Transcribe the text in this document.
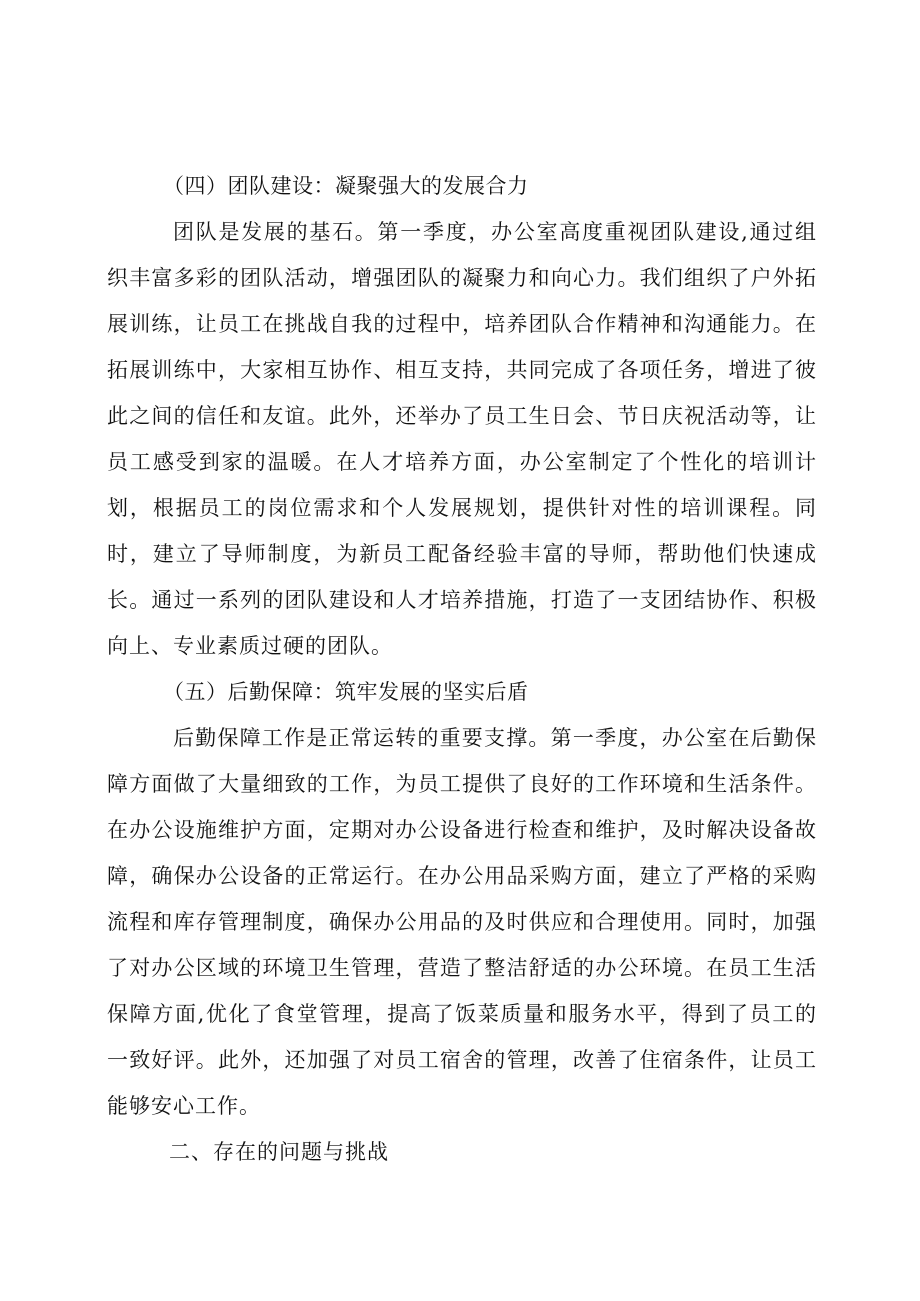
（四）团队建设：凝聚强大的发展合力

团队是发展的基石。第一季度，办公室高度重视团队建设,通过组织丰富多彩的团队活动，增强团队的凝聚力和向心力。我们组织了户外拓展训练，让员工在挑战自我的过程中，培养团队合作精神和沟通能力。在拓展训练中，大家相互协作、相互支持，共同完成了各项任务，增进了彼此之间的信任和友谊。此外，还举办了员工生日会、节日庆祝活动等，让员工感受到家的温暖。在人才培养方面，办公室制定了个性化的培训计划，根据员工的岗位需求和个人发展规划，提供针对性的培训课程。同时，建立了导师制度，为新员工配备经验丰富的导师，帮助他们快速成长。通过一系列的团队建设和人才培养措施，打造了一支团结协作、积极向上、专业素质过硬的团队。

（五）后勤保障：筑牢发展的坚实后盾

后勤保障工作是正常运转的重要支撑。第一季度，办公室在后勤保障方面做了大量细致的工作，为员工提供了良好的工作环境和生活条件。在办公设施维护方面，定期对办公设备进行检查和维护，及时解决设备故障，确保办公设备的正常运行。在办公用品采购方面，建立了严格的采购流程和库存管理制度，确保办公用品的及时供应和合理使用。同时，加强了对办公区域的环境卫生管理，营造了整洁舒适的办公环境。在员工生活保障方面,优化了食堂管理，提高了饭菜质量和服务水平，得到了员工的一致好评。此外，还加强了对员工宿舍的管理，改善了住宿条件，让员工能够安心工作。

二、存在的问题与挑战
